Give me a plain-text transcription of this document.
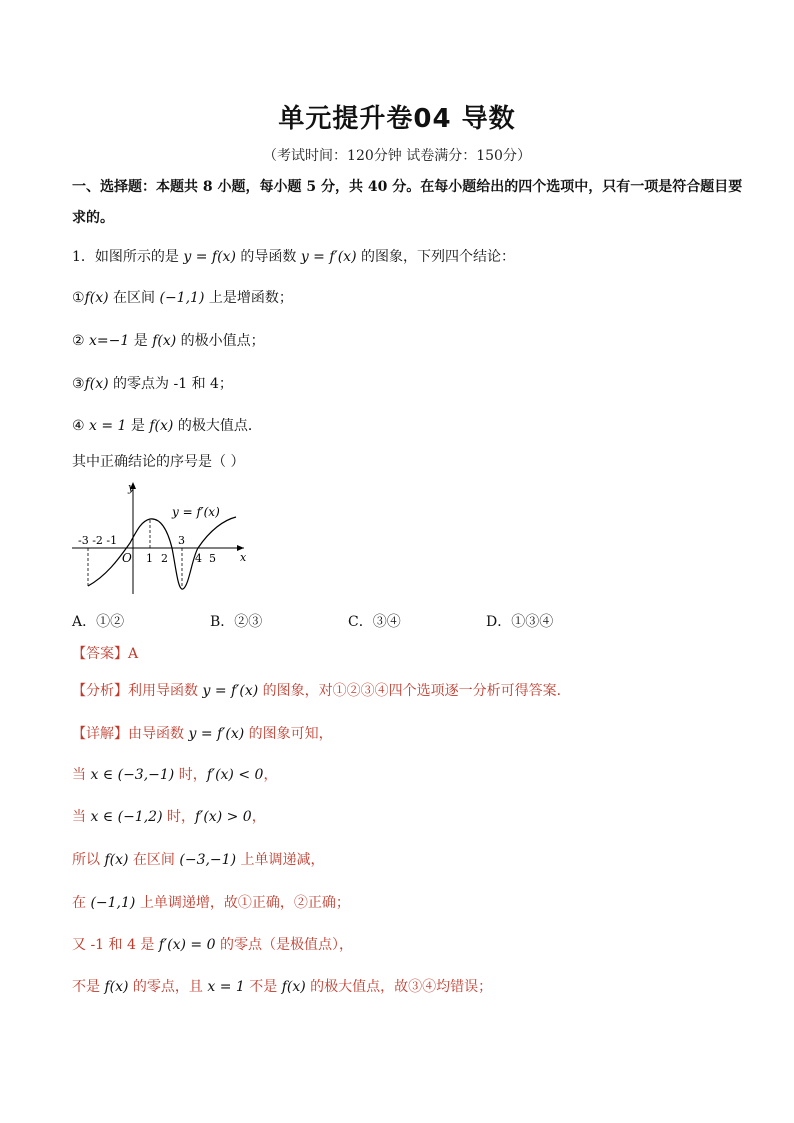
单元提升卷04 导数
（考试时间：120分钟 试卷满分：150分）
一、选择题：本题共 8 小题，每小题 5 分，共 40 分。在每小题给出的四个选项中，只有一项是符合题目要
求的。
1．如图所示的是 y = f(x) 的导函数 y = f′(x) 的图象，下列四个结论：
①f(x) 在区间 (−1,1) 上是增函数；
② x=−1 是 f(x) 的极小值点；
③f(x) 的零点为 -1 和 4；
④ x = 1 是 f(x) 的极大值点．
其中正确结论的序号是（ ）
y
x
y = f′(x)
O
-3 -2 -1
1 2
3
4 5
A．①②	B．②③	C．③④	D．①③④
【答案】A
【分析】利用导函数 y = f′(x) 的图象，对①②③④四个选项逐一分析可得答案．
【详解】由导函数 y = f′(x) 的图象可知，
当 x ∈ (−3,−1) 时，f′(x) < 0，
当 x ∈ (−1,2) 时，f′(x) > 0，
所以 f(x) 在区间 (−3,−1) 上单调递减，
在 (−1,1) 上单调递增，故①正确，②正确；
又 -1 和 4 是 f′(x) = 0 的零点（是极值点），
不是 f(x) 的零点，且 x = 1 不是 f(x) 的极大值点，故③④均错误；
